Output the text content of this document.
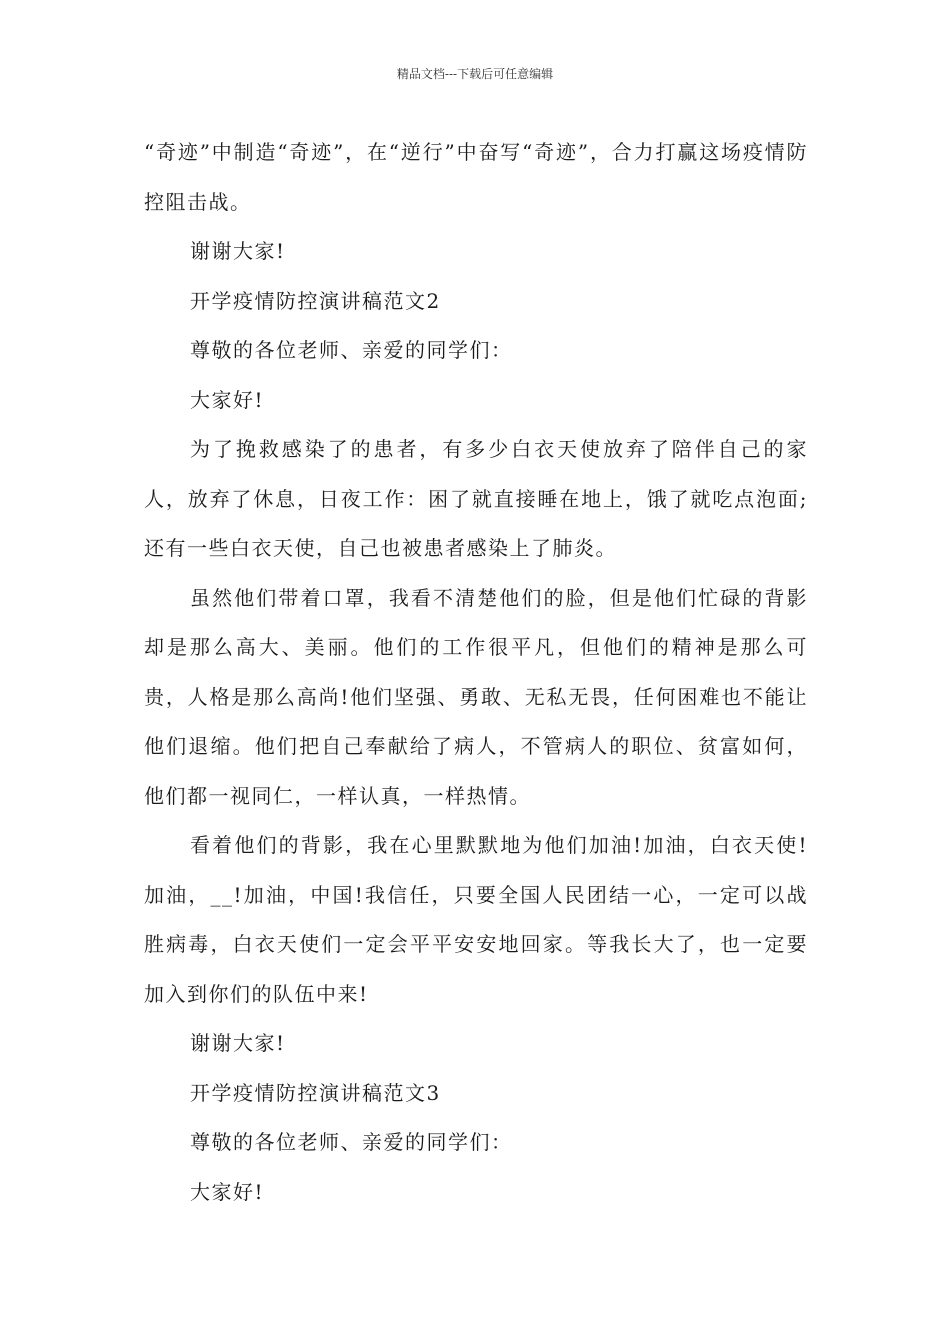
精品文档---下载后可任意编辑

“奇迹”中制造“奇迹”，在“逆行”中奋写“奇迹”，合力打赢这场疫情防控阻击战。

谢谢大家!

开学疫情防控演讲稿范文2

尊敬的各位老师、亲爱的同学们：

大家好!

为了挽救感染了的患者，有多少白衣天使放弃了陪伴自己的家人，放弃了休息，日夜工作：困了就直接睡在地上，饿了就吃点泡面;还有一些白衣天使，自己也被患者感染上了肺炎。

虽然他们带着口罩，我看不清楚他们的脸，但是他们忙碌的背影却是那么高大、美丽。他们的工作很平凡，但他们的精神是那么可贵，人格是那么高尚!他们坚强、勇敢、无私无畏，任何困难也不能让他们退缩。他们把自己奉献给了病人，不管病人的职位、贫富如何，他们都一视同仁，一样认真，一样热情。

看着他们的背影，我在心里默默地为他们加油!加油，白衣天使!加油，__!加油，中国!我信任，只要全国人民团结一心，一定可以战胜病毒，白衣天使们一定会平平安安地回家。等我长大了，也一定要加入到你们的队伍中来!

谢谢大家!

开学疫情防控演讲稿范文3

尊敬的各位老师、亲爱的同学们：

大家好!
